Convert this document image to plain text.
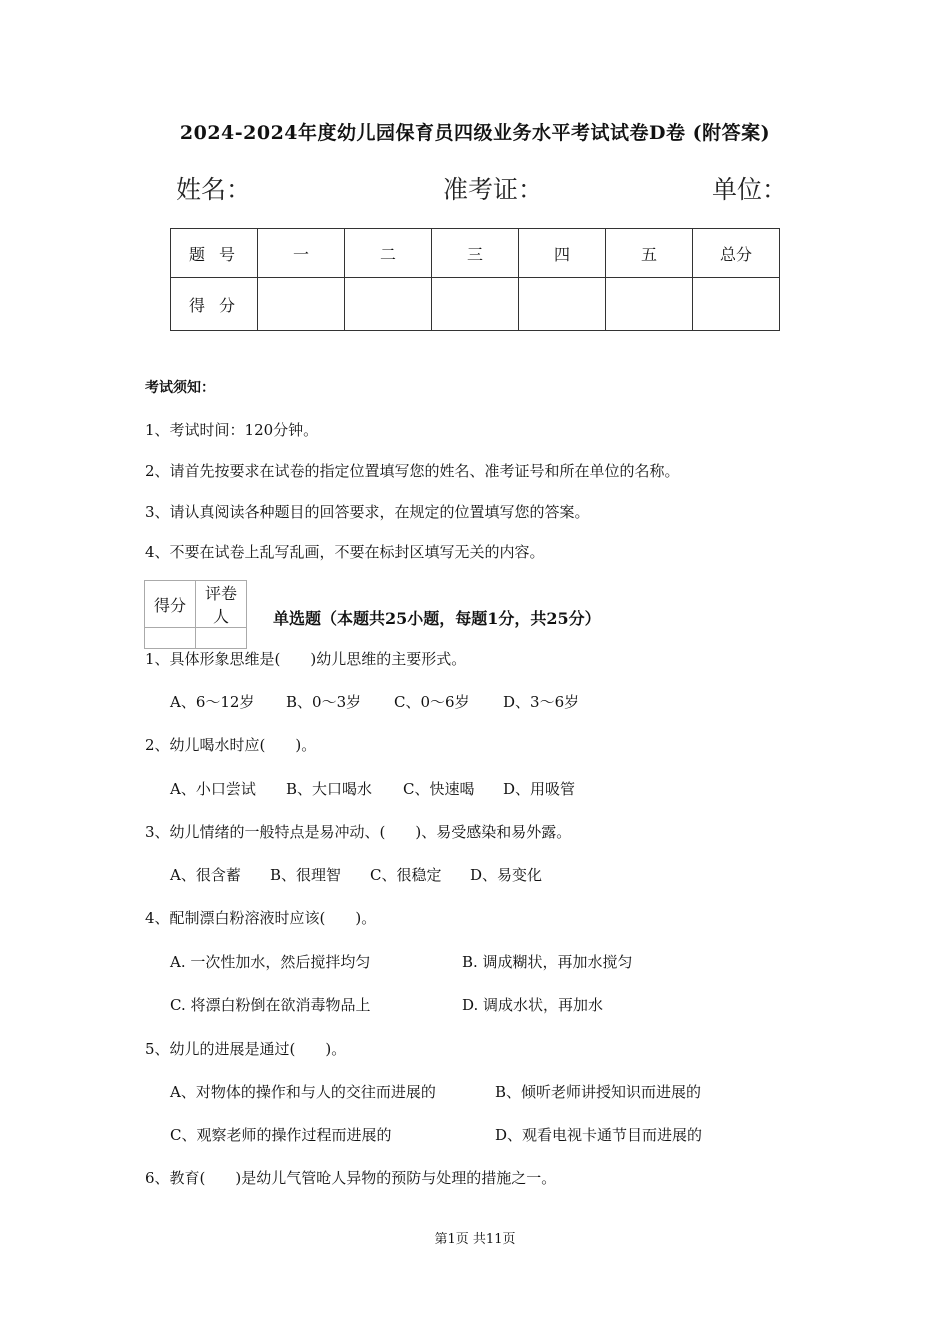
2024-2024年度幼儿园保育员四级业务水平考试试卷D卷 (附答案)
姓名：	准考证：	单位：
题号	一	二	三	四	五	总分
得分						
考试须知：
1、考试时间：120分钟。
2、请首先按要求在试卷的指定位置填写您的姓名、准考证号和所在单位的名称。
3、请认真阅读各种题目的回答要求，在规定的位置填写您的答案。
4、不要在试卷上乱写乱画，不要在标封区填写无关的内容。
得分	评卷人
		单选题（本题共25小题，每题1分，共25分）
1、具体形象思维是(　　)幼儿思维的主要形式。
A、6～12岁 B、0～3岁 C、0～6岁 D、3～6岁
2、幼儿喝水时应(　　)。
A、小口尝试 B、大口喝水 C、快速喝 D、用吸管
3、幼儿情绪的一般特点是易冲动、(　　)、易受感染和易外露。
A、很含蓄 B、很理智 C、很稳定 D、易变化
4、配制漂白粉溶液时应该(　　)。
A. 一次性加水，然后搅拌均匀	B. 调成糊状，再加水搅匀
C. 将漂白粉倒在欲消毒物品上	D. 调成水状，再加水
5、幼儿的进展是通过(　　)。
A、对物体的操作和与人的交往而进展的	B、倾听老师讲授知识而进展的
C、观察老师的操作过程而进展的	D、观看电视卡通节目而进展的
6、教育(　　)是幼儿气管呛人异物的预防与处理的措施之一。
第1页 共11页
